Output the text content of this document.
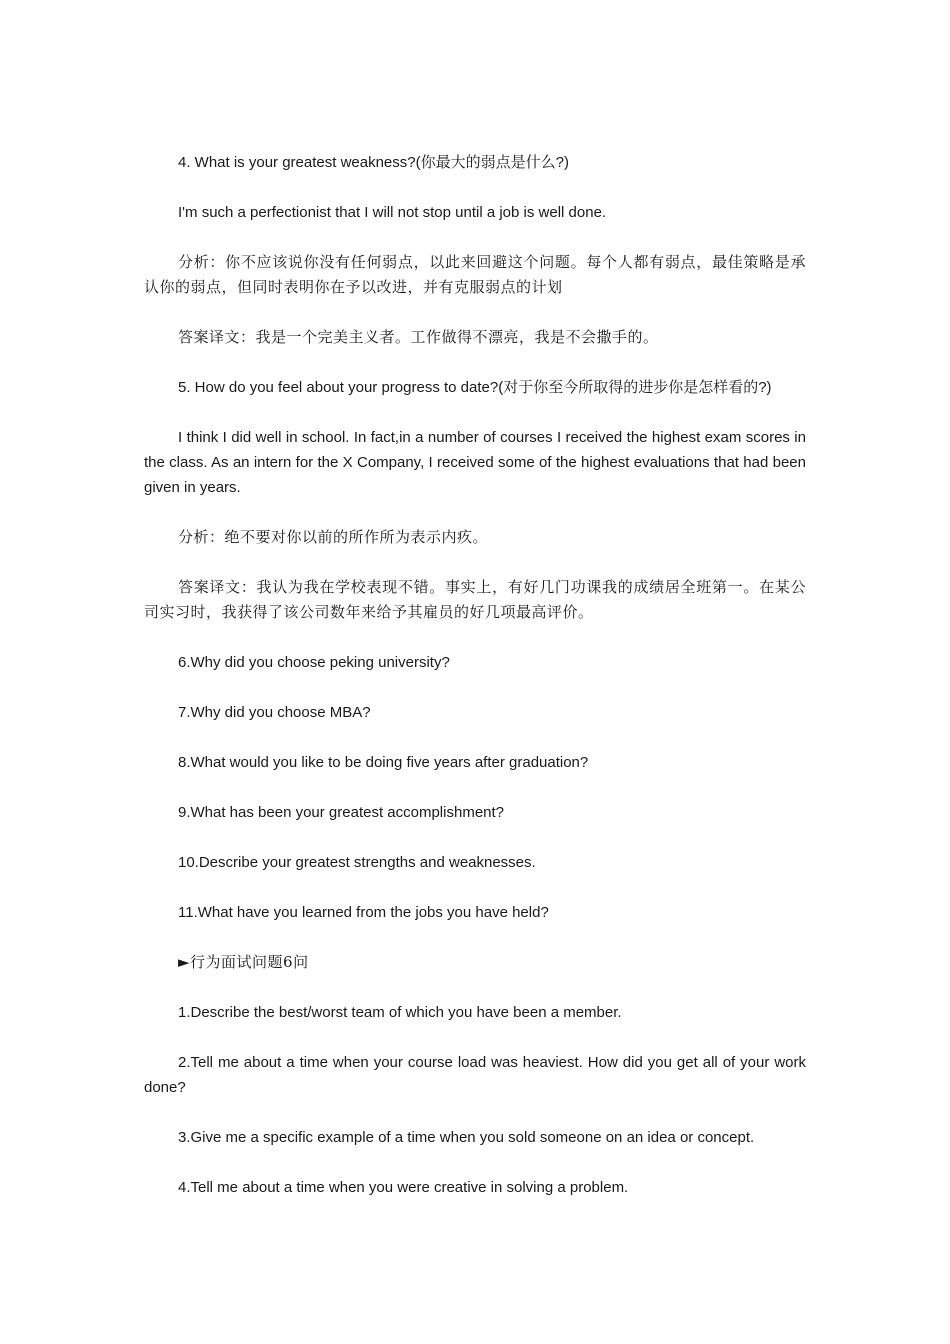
4. What is your greatest weakness?(你最大的弱点是什么?)

I'm such a perfectionist that I will not stop until a job is well done.

分析：你不应该说你没有任何弱点，以此来回避这个问题。每个人都有弱点，最佳策略是承认你的弱点，但同时表明你在予以改进，并有克服弱点的计划

答案译文：我是一个完美主义者。工作做得不漂亮，我是不会撒手的。

5. How do you feel about your progress to date?(对于你至今所取得的进步你是怎样看的?)

I think I did well in school. In fact,in a number of courses I received the highest exam scores in the class. As an intern for the X Company, I received some of the highest evaluations that had been given in years.

分析：绝不要对你以前的所作所为表示内疚。

答案译文：我认为我在学校表现不错。事实上，有好几门功课我的成绩居全班第一。在某公司实习时，我获得了该公司数年来给予其雇员的好几项最高评价。

6.Why did you choose peking university?

7.Why did you choose MBA?

8.What would you like to be doing five years after graduation?

9.What has been your greatest accomplishment?

10.Describe your greatest strengths and weaknesses.

11.What have you learned from the jobs you have held?

►行为面试问题6问

1.Describe the best/worst team of which you have been a member.

2.Tell me about a time when your course load was heaviest. How did you get all of your work done?

3.Give me a specific example of a time when you sold someone on an idea or concept.

4.Tell me about a time when you were creative in solving a problem.
